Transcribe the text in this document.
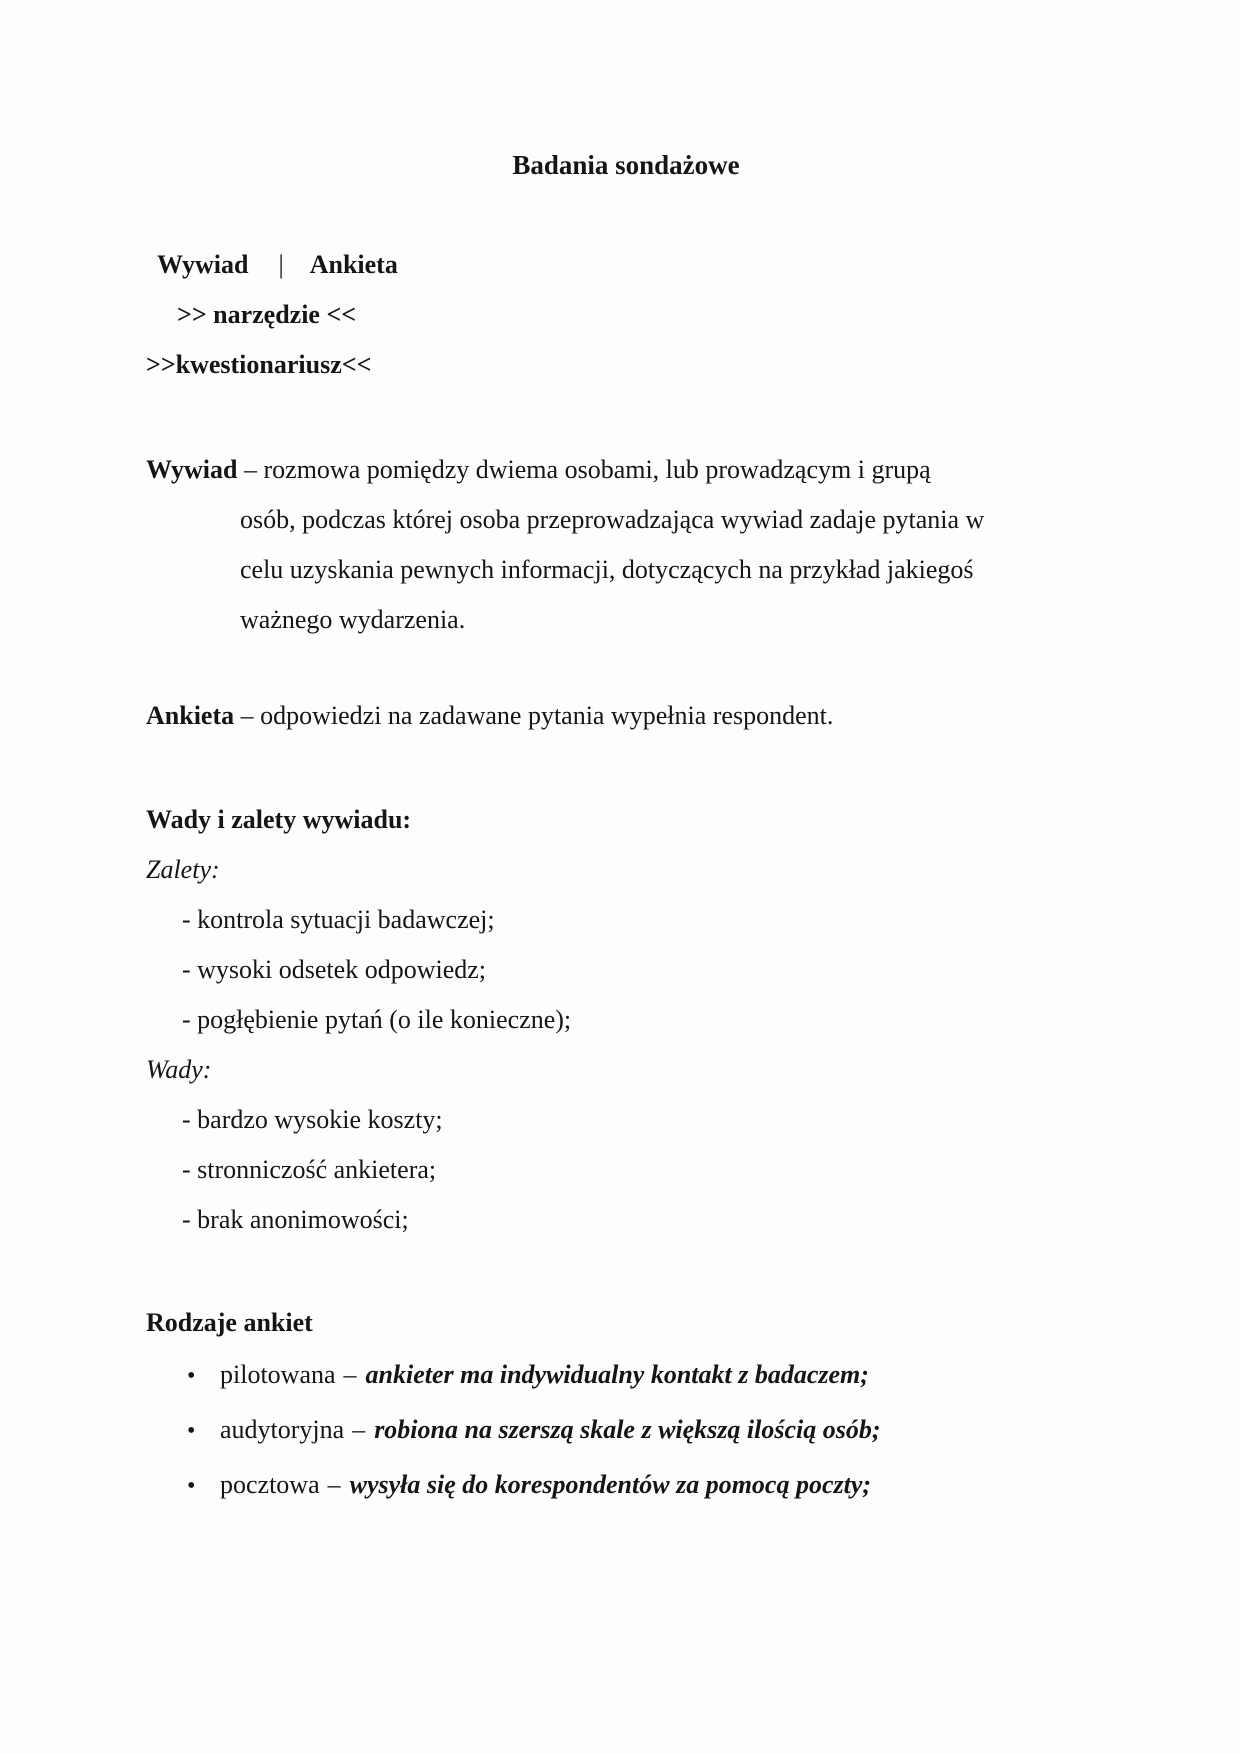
Badania sondażowe
Wywiad | Ankieta
>> narzędzie <<
>>kwestionariusz<<
Wywiad – rozmowa pomiędzy dwiema osobami, lub prowadzącym i grupą
osób, podczas której osoba przeprowadzająca wywiad zadaje pytania w
celu uzyskania pewnych informacji, dotyczących na przykład jakiegoś
ważnego wydarzenia.
Ankieta – odpowiedzi na zadawane pytania wypełnia respondent.
Wady i zalety wywiadu:
Zalety:
- kontrola sytuacji badawczej;
- wysoki odsetek odpowiedz;
- pogłębienie pytań (o ile konieczne);
Wady:
- bardzo wysokie koszty;
- stronniczość ankietera;
- brak anonimowości;
Rodzaje ankiet
• pilotowana – ankieter ma indywidualny kontakt z badaczem;
• audytoryjna – robiona na szerszą skale z większą ilością osób;
• pocztowa – wysyła się do korespondentów za pomocą poczty;
